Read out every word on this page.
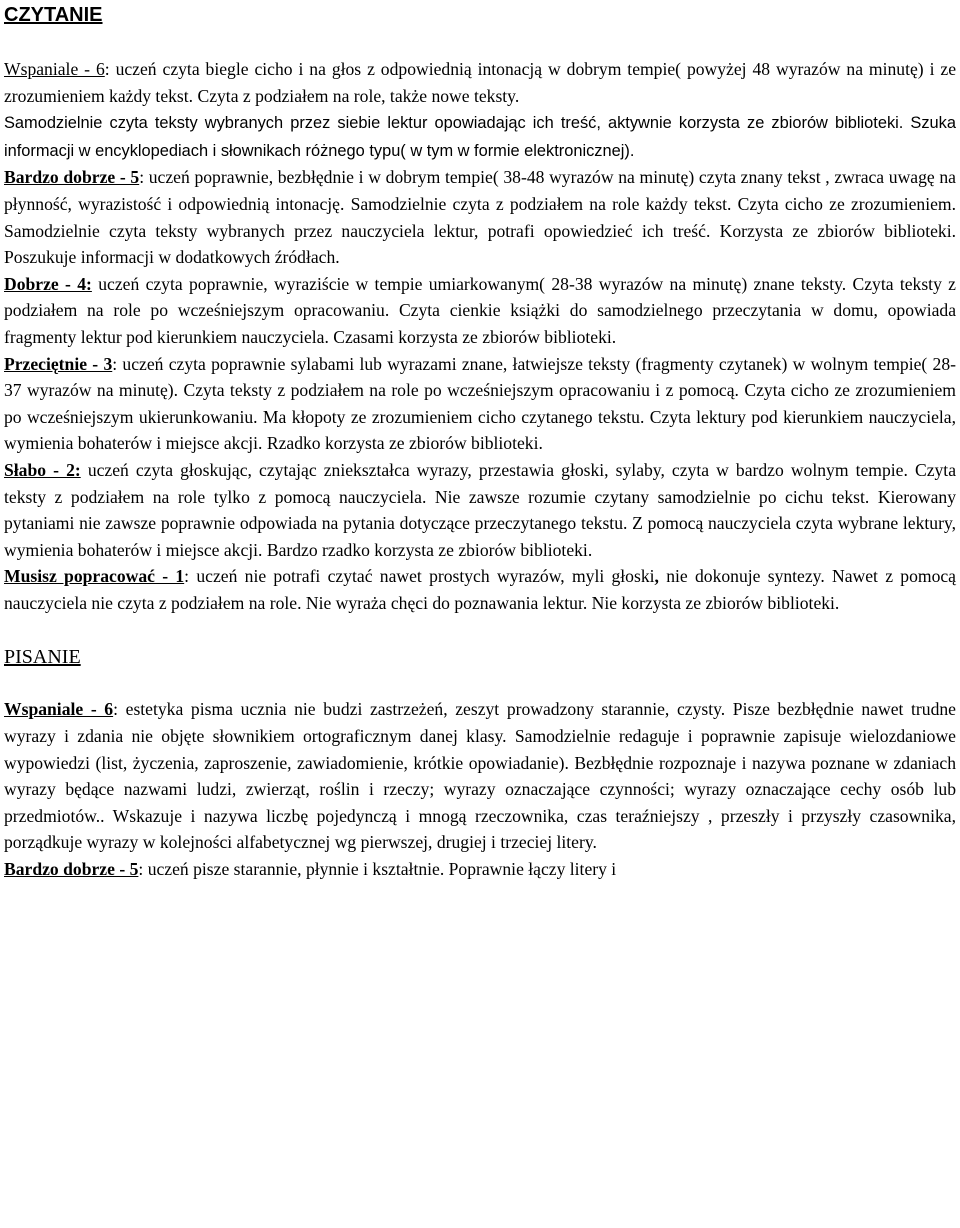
CZYTANIE

Wspaniale - 6: uczeń czyta biegle cicho i na głos z odpowiednią intonacją w dobrym tempie( powyżej 48 wyrazów na minutę) i ze zrozumieniem każdy tekst. Czyta z podziałem na role, także nowe teksty.
Samodzielnie czyta teksty wybranych przez siebie lektur opowiadając ich treść, aktywnie korzysta ze zbiorów biblioteki. Szuka informacji w encyklopediach i słownikach różnego typu( w tym w formie elektronicznej).

Bardzo dobrze - 5: uczeń poprawnie, bezbłędnie i w dobrym tempie( 38-48 wyrazów na minutę) czyta znany tekst , zwraca uwagę na płynność, wyrazistość i odpowiednią intonację. Samodzielnie czyta z podziałem na role każdy tekst. Czyta cicho ze zrozumieniem. Samodzielnie czyta teksty wybranych przez nauczyciela lektur, potrafi opowiedzieć ich treść. Korzysta ze zbiorów biblioteki. Poszukuje informacji w dodatkowych źródłach.

Dobrze - 4: uczeń czyta poprawnie, wyraziście w tempie umiarkowanym( 28-38 wyrazów na minutę) znane teksty. Czyta teksty z podziałem na role po wcześniejszym opracowaniu. Czyta cienkie książki do samodzielnego przeczytania w domu, opowiada fragmenty lektur pod kierunkiem nauczyciela. Czasami korzysta ze zbiorów biblioteki.

Przeciętnie - 3: uczeń czyta poprawnie sylabami lub wyrazami znane, łatwiejsze teksty (fragmenty czytanek) w wolnym tempie( 28-37 wyrazów na minutę). Czyta teksty z podziałem na role po wcześniejszym opracowaniu i z pomocą. Czyta cicho ze zrozumieniem po wcześniejszym ukierunkowaniu. Ma kłopoty ze zrozumieniem cicho czytanego tekstu. Czyta lektury pod kierunkiem nauczyciela, wymienia bohaterów i miejsce akcji. Rzadko korzysta ze zbiorów biblioteki.

Słabo - 2: uczeń czyta głoskując, czytając zniekształca wyrazy, przestawia głoski, sylaby, czyta w bardzo wolnym tempie. Czyta teksty z podziałem na role tylko z pomocą nauczyciela. Nie zawsze rozumie czytany samodzielnie po cichu tekst. Kierowany pytaniami nie zawsze poprawnie odpowiada na pytania dotyczące przeczytanego tekstu. Z pomocą nauczyciela czyta wybrane lektury, wymienia bohaterów i miejsce akcji. Bardzo rzadko korzysta ze zbiorów biblioteki.

Musisz popracować - 1: uczeń nie potrafi czytać nawet prostych wyrazów, myli głoski, nie dokonuje syntezy. Nawet z pomocą nauczyciela nie czyta z podziałem na role. Nie wyraża chęci do poznawania lektur. Nie korzysta ze zbiorów biblioteki.

PISANIE

Wspaniale - 6: estetyka pisma ucznia nie budzi zastrzeżeń, zeszyt prowadzony starannie, czysty. Pisze bezbłędnie nawet trudne wyrazy i zdania nie objęte słownikiem ortograficznym danej klasy. Samodzielnie redaguje i poprawnie zapisuje wielozdaniowe wypowiedzi (list, życzenia, zaproszenie, zawiadomienie, krótkie opowiadanie). Bezbłędnie rozpoznaje i nazywa poznane w zdaniach wyrazy będące nazwami ludzi, zwierząt, roślin i rzeczy; wyrazy oznaczające czynności; wyrazy oznaczające cechy osób lub przedmiotów.. Wskazuje i nazywa liczbę pojedynczą i mnogą rzeczownika, czas teraźniejszy , przeszły i przyszły czasownika, porządkuje wyrazy w kolejności alfabetycznej wg pierwszej, drugiej i trzeciej litery.

Bardzo dobrze - 5: uczeń pisze starannie, płynnie i kształtnie. Poprawnie łączy litery i
